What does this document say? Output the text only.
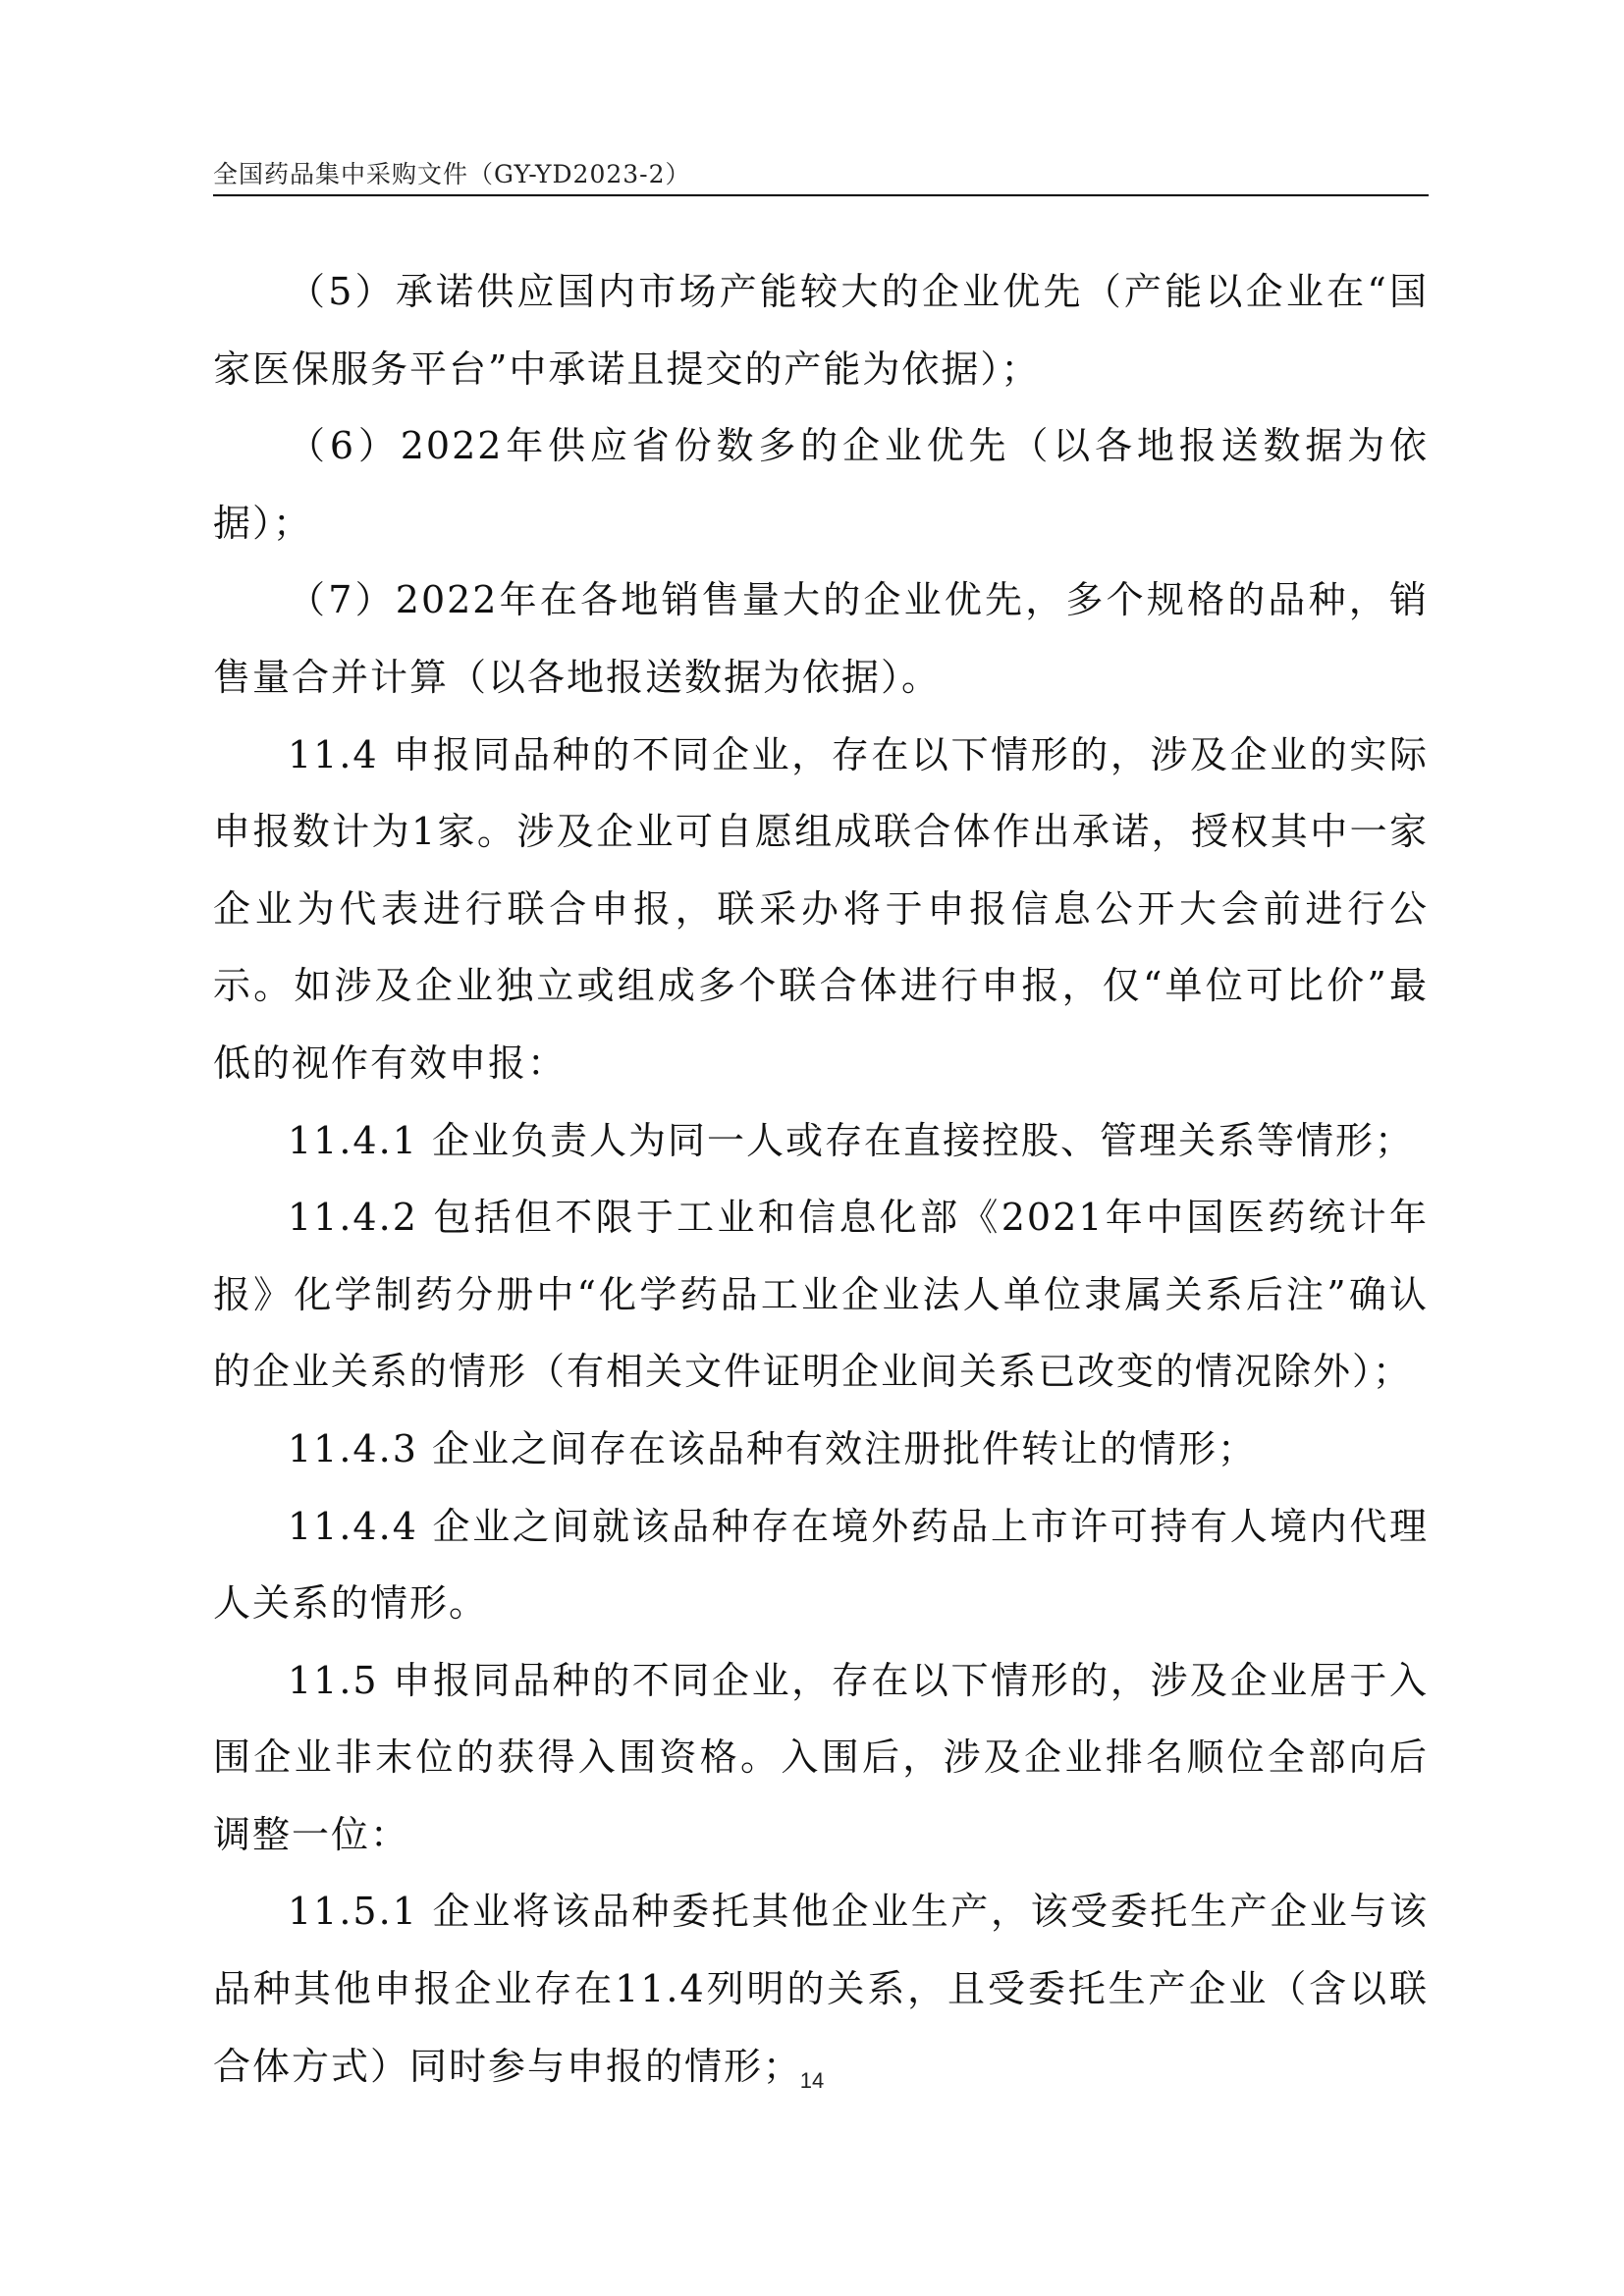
全国药品集中采购文件（GY-YD2023-2）

（5）承诺供应国内市场产能较大的企业优先（产能以企业在“国家医保服务平台”中承诺且提交的产能为依据）；

（6）2022年供应省份数多的企业优先（以各地报送数据为依据）；

（7）2022年在各地销售量大的企业优先，多个规格的品种，销售量合并计算（以各地报送数据为依据）。

11.4 申报同品种的不同企业，存在以下情形的，涉及企业的实际申报数计为1家。涉及企业可自愿组成联合体作出承诺，授权其中一家企业为代表进行联合申报，联采办将于申报信息公开大会前进行公示。如涉及企业独立或组成多个联合体进行申报，仅“单位可比价”最低的视作有效申报：

11.4.1 企业负责人为同一人或存在直接控股、管理关系等情形；

11.4.2 包括但不限于工业和信息化部《2021年中国医药统计年报》化学制药分册中“化学药品工业企业法人单位隶属关系后注”确认的企业关系的情形（有相关文件证明企业间关系已改变的情况除外）；

11.4.3 企业之间存在该品种有效注册批件转让的情形；

11.4.4 企业之间就该品种存在境外药品上市许可持有人境内代理人关系的情形。

11.5 申报同品种的不同企业，存在以下情形的，涉及企业居于入围企业非末位的获得入围资格。入围后，涉及企业排名顺位全部向后调整一位：

11.5.1 企业将该品种委托其他企业生产，该受委托生产企业与该品种其他申报企业存在11.4列明的关系，且受委托生产企业（含以联合体方式）同时参与申报的情形；

14
